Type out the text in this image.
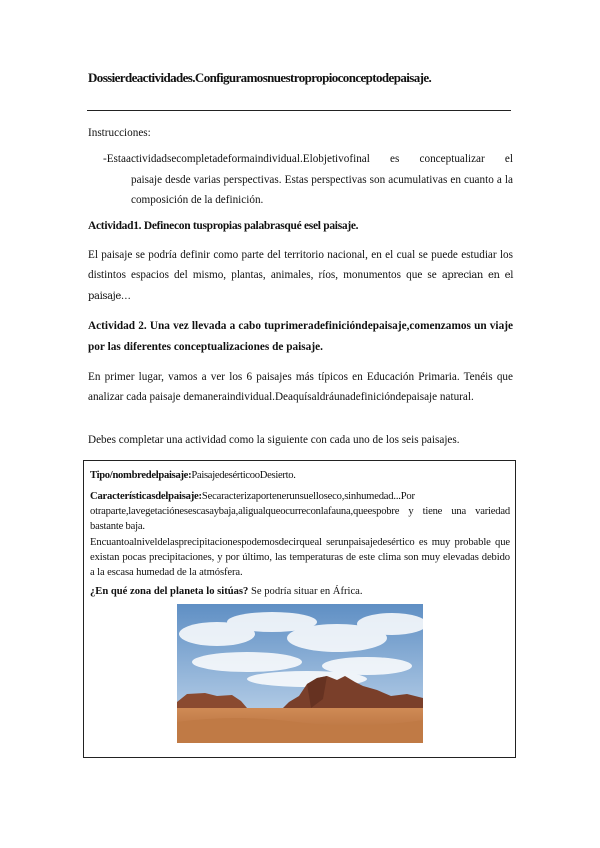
Dossierdeactividades.Configuramosnuestropropioconceptodepaisaje.
Instrucciones:
-Estaactividadsecompletadeformaindividual.Elobjetivofinal es conceptualizar el
paisaje desde varias perspectivas. Estas perspectivas son acumulativas en cuanto a la composición de la definición.
Actividad1. Definecon tuspropias palabrasqué esel paisaje.
El paisaje se podría definir como parte del territorio nacional, en el cual se puede estudiar los distintos espacios del mismo, plantas, animales, ríos, monumentos que se aprecian en el paisaje…
Actividad 2. Una vez llevada a cabo tuprimeradefinicióndepaisaje,comenzamos un viaje por las diferentes conceptualizaciones de paisaje.
En primer lugar, vamos a ver los 6 paisajes más típicos en Educación Primaria. Tenéis que analizar cada paisaje demaneraindividual.Deaquísaldráunadefinicióndepaisaje natural.
Debes completar una actividad como la siguiente con cada uno de los seis paisajes.
Tipo/nombredelpaisaje:PaisajedesérticooDesierto.
Característicasdelpaisaje:Secaracterizaportenerunsuelloseco,sinhumedad...Por otraparte,lavegetaciónesescasaybaja,aligualqueocurreconlafauna,queespobre y tiene una variedad bastante baja.
Encuantoalniveldelasprecipitacionespodemosdecirqueal serunpaisajedesértico es muy probable que existan pocas precipitaciones, y por último, las temperaturas de este clima son muy elevadas debido a la escasa humedad de la atmósfera.
¿En qué zona del planeta lo sitúas? Se podría situar en África.
